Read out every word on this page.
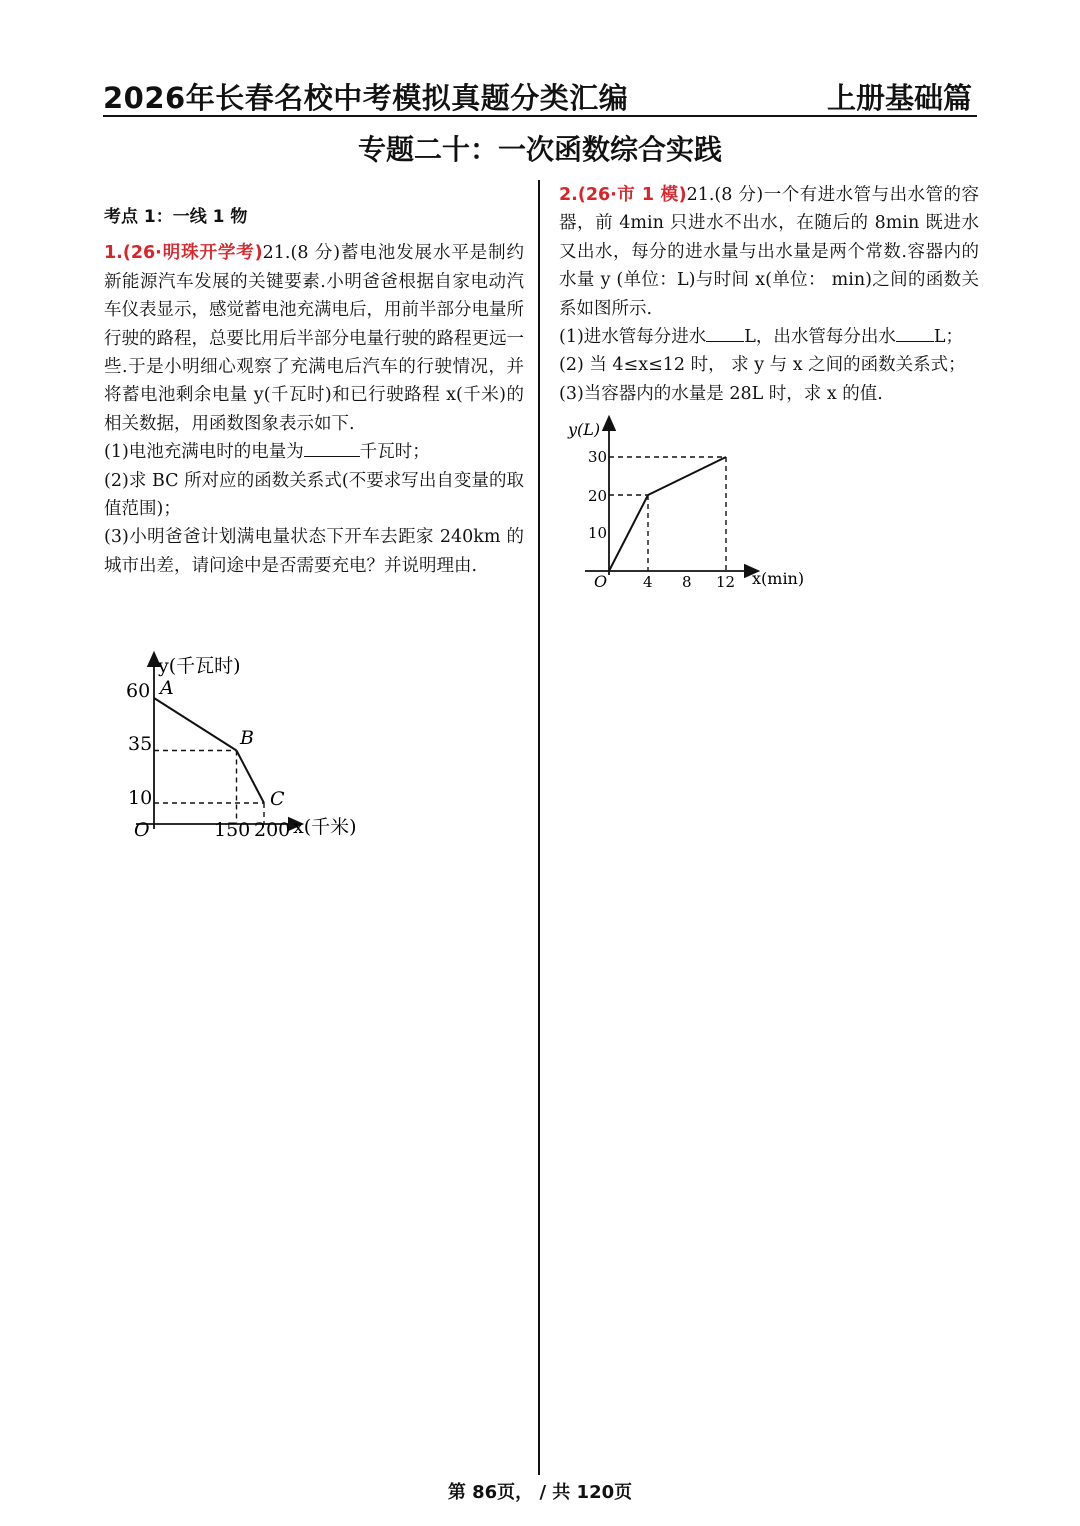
2026年长春名校中考模拟真题分类汇编	上册基础篇
专题二十：一次函数综合实践
考点 1：一线 1 物

1.(26·明珠开学考)21.(8 分)蓄电池发展水平是制约新能源汽车发展的关键要素.小明爸爸根据自家电动汽车仪表显示，感觉蓄电池充满电后，用前半部分电量所行驶的路程，总要比用后半部分电量行驶的路程更远一些.于是小明细心观察了充满电后汽车的行驶情况，并将蓄电池剩余电量 y(千瓦时)和已行驶路程 x(千米)的相关数据，用函数图象表示如下.

(1)电池充满电时的电量为	千瓦时；

(2)求 BC 所对应的函数关系式(不要求写出自变量的取值范围)；

(3)小明爸爸计划满电量状态下开车去距家 240km 的城市出差，请问途中是否需要充电？并说明理由.

y(千瓦时)
x(千米)
O
60
35
10
150 200
A
B
C

2.(26·市 1 模)21.(8 分)一个有进水管与出水管的容器，前 4min 只进水不出水，在随后的 8min 既进水又出水，每分的进水量与出水量是两个常数.容器内的水量 y (单位：L)与时间 x(单位： min)之间的函数关系如图所示.

(1)进水管每分进水 L，出水管每分出水 L；

(2) 当 4≤x≤12 时， 求 y 与 x 之间的函数关系式；

(3)当容器内的水量是 28L 时，求 x 的值.

y(L)
x(min)
O
30
20
10
4 8 12
第 86页， / 共 120页
